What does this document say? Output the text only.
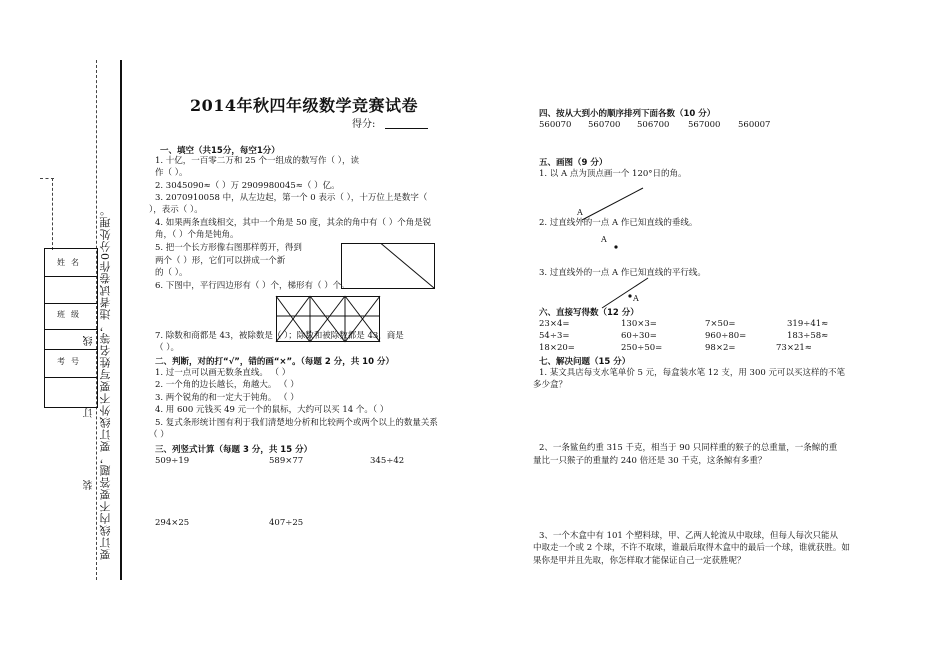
要订线内不要答题，要订线外不要写姓名等，违者试卷作0分处理。
装　　　　　订　　　　　线
姓名
班级
考号
2014年秋四年级数学竞赛试卷
得分:
一、填空（共15分，每空1分）
1. 十亿，一百零二万和 25 个一组成的数写作（ ），读
作（ ）。
2. 3045090≈（ ）万 2909980045≈（ ）亿。
3. 2070910058 中，从左边起，第一个 0 表示（ ），十万位上是数字（
），表示（ ）。
4. 如果两条直线相交，其中一个角是 50 度，其余的角中有（ ）个角是锐
角，（ ）个角是钝角。
5. 把一个长方形像右图那样剪开，得到
两个（ ）形，它们可以拼成一个新
的（ ）。
6. 下图中，平行四边形有（ ）个，梯形有（ ）个。
7. 除数和商都是 43，被除数是（ ）；除数和被除数都是 43，商是
（ ）。
二、判断，对的打“√”，错的画“×”。（每题 2 分，共 10 分）
1. 过一点可以画无数条直线。 （ ）
2. 一个角的边长越长，角越大。 （ ）
3. 两个锐角的和一定大于钝角。 （ ）
4. 用 600 元钱买 49 元一个的鼠标，大约可以买 14 个。（ ）
5. 复式条形统计图有利于我们清楚地分析和比较两个或两个以上的数量关系
（ ）
三、列竖式计算（每题 3 分，共 15 分）
509÷19	589×77	345÷42
294×25	407÷25
四、按从大到小的顺序排列下面各数（10 分）
560070 560700 506700 567000 560007
五、画图（9 分）
1. 以 A 点为顶点画一个 120°日的角。
A
2. 过直线外的一点 A 作已知直线的垂线。
A
3. 过直线外的一点 A 作已知直线的平行线。
A
六、直接写得数（12 分）
23×4=	130×3=	7×50=	319÷41≈
54÷3=	60÷30=	960÷80=	183÷58≈
18×20=	250÷50=	98×2=	73×21≈
七、解决问题（15 分）
1. 某文具店每支水笔单价 5 元，每盒装水笔 12 支，用 300 元可以买这样的不笔
多少盒？
2、一条鲨鱼约重 315 千克，相当于 90 只同样重的猴子的总重量，一条鲸的重
量比一只猴子的重量约 240 倍还是 30 千克，这条鲸有多重？
3、一个木盒中有 101 个塑料球，甲、乙两人轮流从中取球，但每人每次只能从
中取走一个或 2 个球，不许不取球，谁最后取得木盒中的最后一个球，谁就获胜。如
果你是甲并且先取，你怎样取才能保证自己一定获胜呢？
